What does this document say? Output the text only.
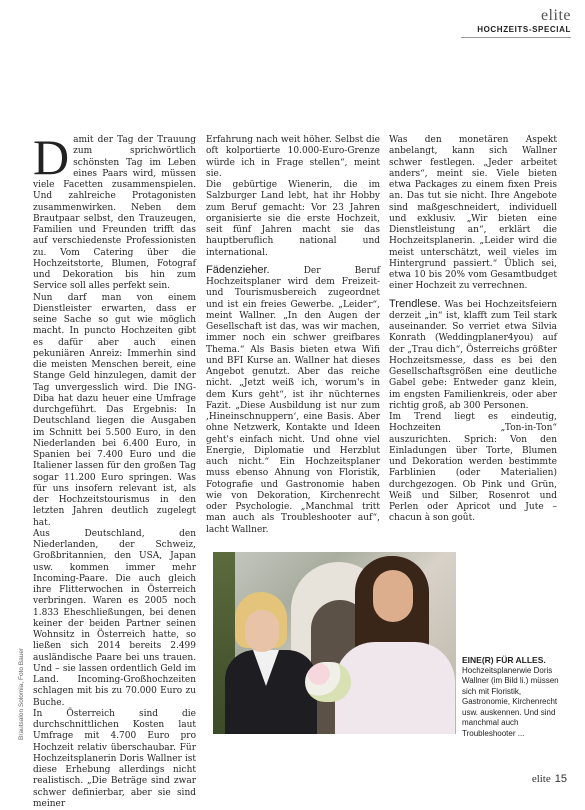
elite
HOCHZEITS-SPECIAL

Damit der Tag der Trauung zum sprichwörtlich schönsten Tag im Leben eines Paars wird, müssen viele Facetten zusammenspielen. Und zahlreiche Protagonisten zusammenwirken. Neben dem Brautpaar selbst, den Trauzeugen, Familien und Freunden trifft das auf verschiedenste Professionisten zu. Vom Catering über die Hochzeitstorte, Blumen, Fotograf und Dekoration bis hin zum Service soll alles perfekt sein.

Nun darf man von einem Dienstleister erwarten, dass er seine Sache so gut wie möglich macht. In puncto Hochzeiten gibt es dafür aber auch einen pekuniären Anreiz: Immerhin sind die meisten Menschen bereit, eine Stange Geld hinzulegen, damit der Tag unvergesslich wird. Die ING-Diba hat dazu heuer eine Umfrage durchgeführt. Das Ergebnis: In Deutschland liegen die Ausgaben im Schnitt bei 5.500 Euro, in den Niederlanden bei 6.400 Euro, in Spanien bei 7.400 Euro und die Italiener lassen für den großen Tag sogar 11.200 Euro springen. Was für uns insofern relevant ist, als der Hochzeitstourismus in den letzten Jahren deutlich zugelegt hat.

Aus Deutschland, den Niederlanden, der Schweiz, Großbritannien, den USA, Japan usw. kommen immer mehr Incoming-Paare. Die auch gleich ihre Flitterwochen in Österreich verbringen. Waren es 2005 noch 1.833 Eheschließungen, bei denen keiner der beiden Partner seinen Wohnsitz in Österreich hatte, so ließen sich 2014 bereits 2.499 ausländische Paare bei uns trauen. Und – sie lassen ordentlich Geld im Land. Incoming-Großhochzeiten schlagen mit bis zu 70.000 Euro zu Buche.

In Österreich sind die durchschnittlichen Kosten laut Umfrage mit 4.700 Euro pro Hochzeit relativ überschaubar. Für Hochzeitsplanerin Doris Wallner ist diese Erhebung allerdings nicht realistisch. „Die Beträge sind zwar schwer definierbar, aber sie sind meiner

Erfahrung nach weit höher. Selbst die oft kolportierte 10.000-Euro-Grenze würde ich in Frage stellen“, meint sie.

Die gebürtige Wienerin, die im Salzburger Land lebt, hat ihr Hobby zum Beruf gemacht: Vor 23 Jahren organisierte sie die erste Hochzeit, seit fünf Jahren macht sie das hauptberuflich national und international.

Fädenzieher. Der Beruf Hochzeitsplaner wird dem Freizeit- und Tourismusbereich zugeordnet und ist ein freies Gewerbe. „Leider“, meint Wallner. „In den Augen der Gesellschaft ist das, was wir machen, immer noch ein schwer greifbares Thema.“ Als Basis bieten etwa Wifi und BFI Kurse an. Wallner hat dieses Angebot genutzt. Aber das reiche nicht. „Jetzt weiß ich, worum's in dem Kurs geht“, ist ihr nüchternes Fazit. „Diese Ausbildung ist nur zum ‚Hineinschnuppern‘, eine Basis. Aber ohne Netzwerk, Kontakte und Ideen geht's einfach nicht. Und ohne viel Energie, Diplomatie und Herzblut auch nicht.“ Ein Hochzeitsplaner muss ebenso Ahnung von Floristik, Fotografie und Gastronomie haben wie von Dekoration, Kirchenrecht oder Psychologie. „Manchmal tritt man auch als Troubleshooter auf“, lacht Wallner.

Was den monetären Aspekt anbelangt, kann sich Wallner schwer festlegen. „Jeder arbeitet anders“, meint sie. Viele bieten etwa Packages zu einem fixen Preis an. Das tut sie nicht. Ihre Angebote sind maßgeschneidert, individuell und exklusiv. „Wir bieten eine Dienstleistung an“, erklärt die Hochzeitsplanerin. „Leider wird die meist unterschätzt, weil vieles im Hintergrund passiert.“ Üblich sei, etwa 10 bis 20% vom Gesamtbudget einer Hochzeit zu verrechnen.

Trendlese. Was bei Hochzeitsfeiern derzeit „in“ ist, klafft zum Teil stark auseinander. So verriet etwa Silvia Konrath (Weddingplaner4you) auf der „Trau dich“, Österreichs größter Hochzeitsmesse, dass es bei den Gesellschaftsgrößen eine deutliche Gabel gebe: Entweder ganz klein, im engsten Familienkreis, oder aber richtig groß, ab 300 Personen.

Im Trend liegt es eindeutig, Hochzeiten „Ton-in-Ton“ auszurichten. Sprich: Von den Einladungen über Torte, Blumen und Dekoration werden bestimmte Farblinien (oder Materialien) durchgezogen. Ob Pink und Grün, Weiß und Silber, Rosenrot und Perlen oder Apricot und Jute – chacun à son goût.

EINE(R) FÜR ALLES.
Hochzeitsplanerwie Doris Wallner (im Bild li.) müssen sich mit Floristik, Gastronomie, Kirchenrecht usw. auskennen. Und sind manchmal auch Troubleshooter ...
Brautsalon Solomia, Foto Bauer
elite 15
